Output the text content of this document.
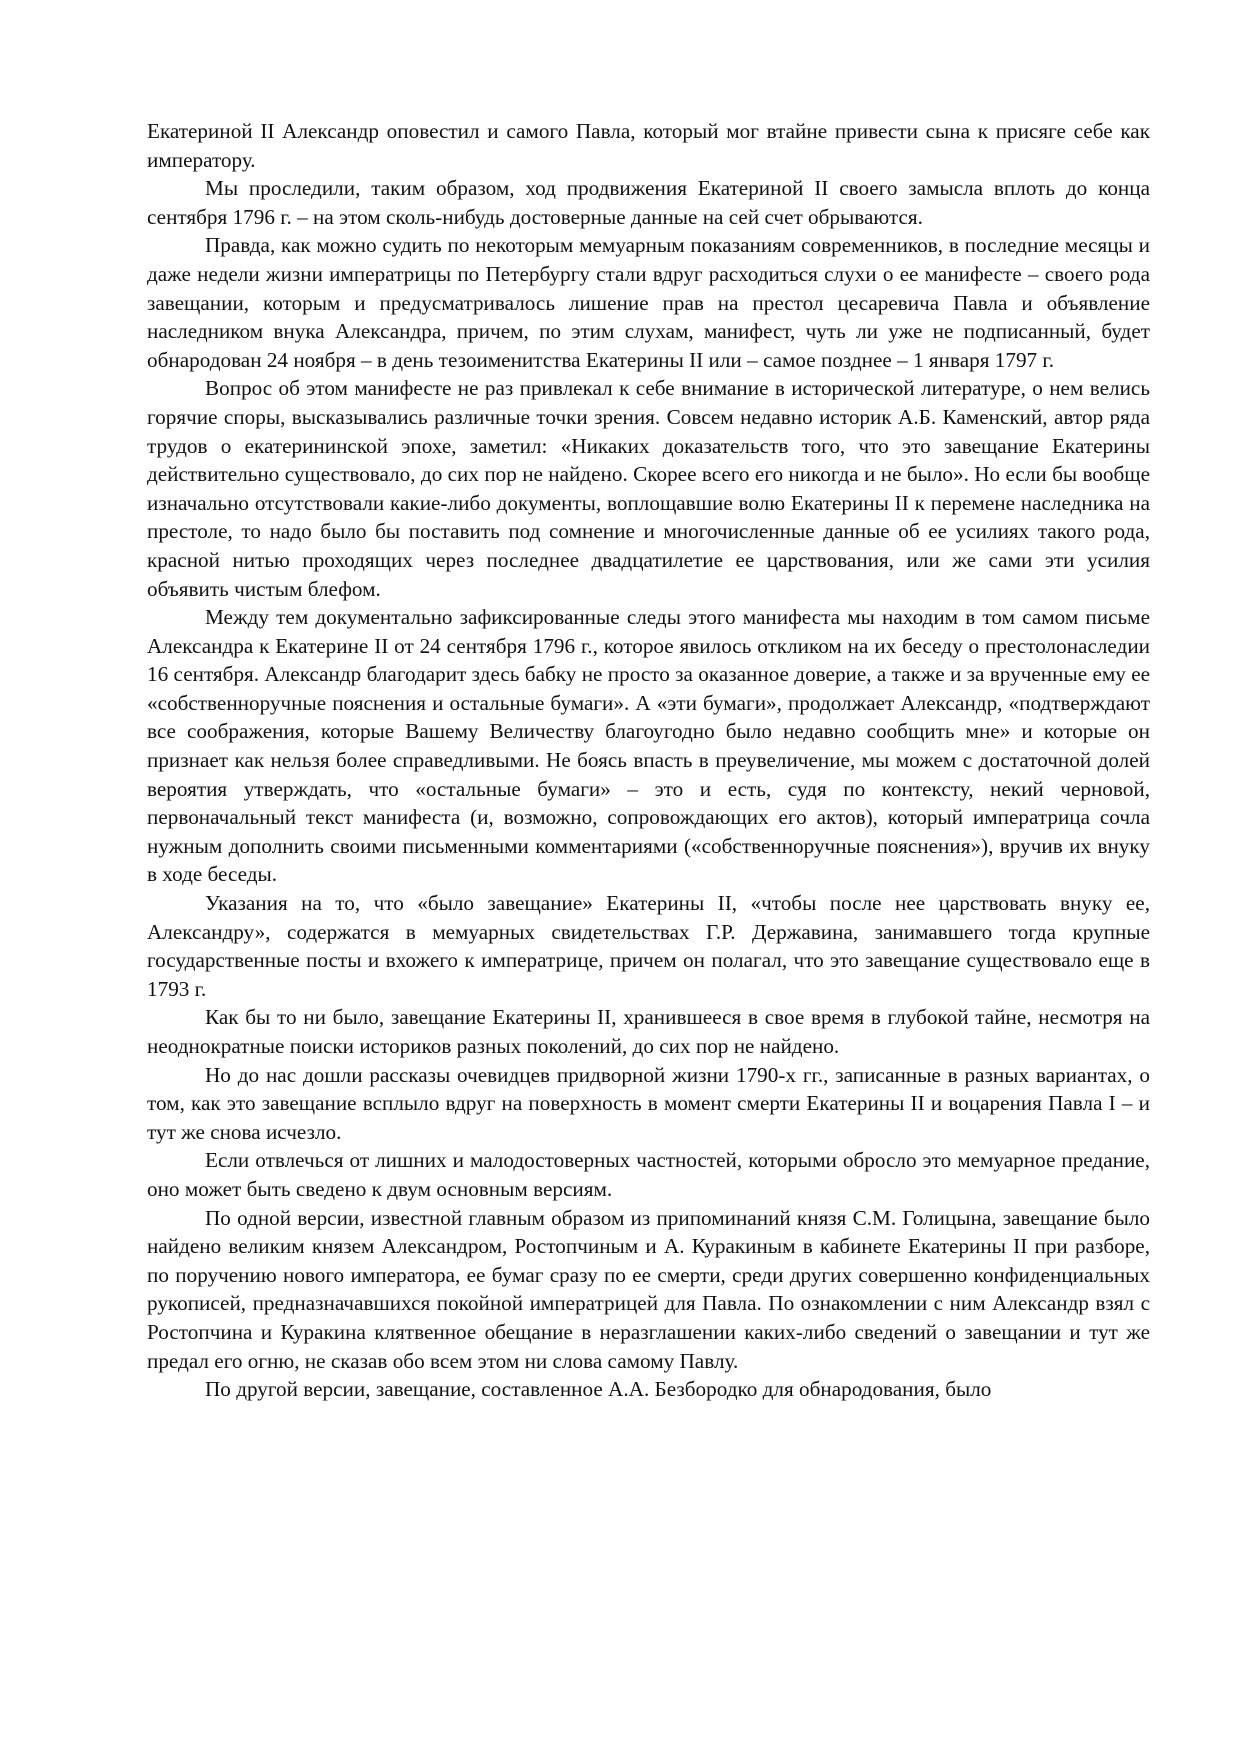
Екатериной II Александр оповестил и самого Павла, который мог втайне привести сына к присяге себе как императору.

Мы проследили, таким образом, ход продвижения Екатериной II своего замысла вплоть до конца сентября 1796 г. – на этом сколь-нибудь достоверные данные на сей счет обрываются.

Правда, как можно судить по некоторым мемуарным показаниям современников, в последние месяцы и даже недели жизни императрицы по Петербургу стали вдруг расходиться слухи о ее манифесте – своего рода завещании, которым и предусматривалось лишение прав на престол цесаревича Павла и объявление наследником внука Александра, причем, по этим слухам, манифест, чуть ли уже не подписанный, будет обнародован 24 ноября – в день тезоименитства Екатерины II или – самое позднее – 1 января 1797 г.

Вопрос об этом манифесте не раз привлекал к себе внимание в исторической литературе, о нем велись горячие споры, высказывались различные точки зрения. Совсем недавно историк А.Б. Каменский, автор ряда трудов о екатерининской эпохе, заметил: «Никаких доказательств того, что это завещание Екатерины действительно существовало, до сих пор не найдено. Скорее всего его никогда и не было». Но если бы вообще изначально отсутствовали какие-либо документы, воплощавшие волю Екатерины II к перемене наследника на престоле, то надо было бы поставить под сомнение и многочисленные данные об ее усилиях такого рода, красной нитью проходящих через последнее двадцатилетие ее царствования, или же сами эти усилия объявить чистым блефом.

Между тем документально зафиксированные следы этого манифеста мы находим в том самом письме Александра к Екатерине II от 24 сентября 1796 г., которое явилось откликом на их беседу о престолонаследии 16 сентября. Александр благодарит здесь бабку не просто за оказанное доверие, а также и за врученные ему ее «собственноручные пояснения и остальные бумаги». А «эти бумаги», продолжает Александр, «подтверждают все соображения, которые Вашему Величеству благоугодно было недавно сообщить мне» и которые он признает как нельзя более справедливыми. Не боясь впасть в преувеличение, мы можем с достаточной долей вероятия утверждать, что «остальные бумаги» – это и есть, судя по контексту, некий черновой, первоначальный текст манифеста (и, возможно, сопровождающих его актов), который императрица сочла нужным дополнить своими письменными комментариями («собственноручные пояснения»), вручив их внуку в ходе беседы.

Указания на то, что «было завещание» Екатерины II, «чтобы после нее царствовать внуку ее, Александру», содержатся в мемуарных свидетельствах Г.Р. Державина, занимавшего тогда крупные государственные посты и вхожего к императрице, причем он полагал, что это завещание существовало еще в 1793 г.

Как бы то ни было, завещание Екатерины II, хранившееся в свое время в глубокой тайне, несмотря на неоднократные поиски историков разных поколений, до сих пор не найдено.

Но до нас дошли рассказы очевидцев придворной жизни 1790-х гг., записанные в разных вариантах, о том, как это завещание всплыло вдруг на поверхность в момент смерти Екатерины II и воцарения Павла I – и тут же снова исчезло.

Если отвлечься от лишних и малодостоверных частностей, которыми обросло это мемуарное предание, оно может быть сведено к двум основным версиям.

По одной версии, известной главным образом из припоминаний князя С.М. Голицына, завещание было найдено великим князем Александром, Ростопчиным и А. Куракиным в кабинете Екатерины II при разборе, по поручению нового императора, ее бумаг сразу по ее смерти, среди других совершенно конфиденциальных рукописей, предназначавшихся покойной императрицей для Павла. По ознакомлении с ним Александр взял с Ростопчина и Куракина клятвенное обещание в неразглашении каких-либо сведений о завещании и тут же предал его огню, не сказав обо всем этом ни слова самому Павлу.

По другой версии, завещание, составленное А.А. Безбородко для обнародования, было
